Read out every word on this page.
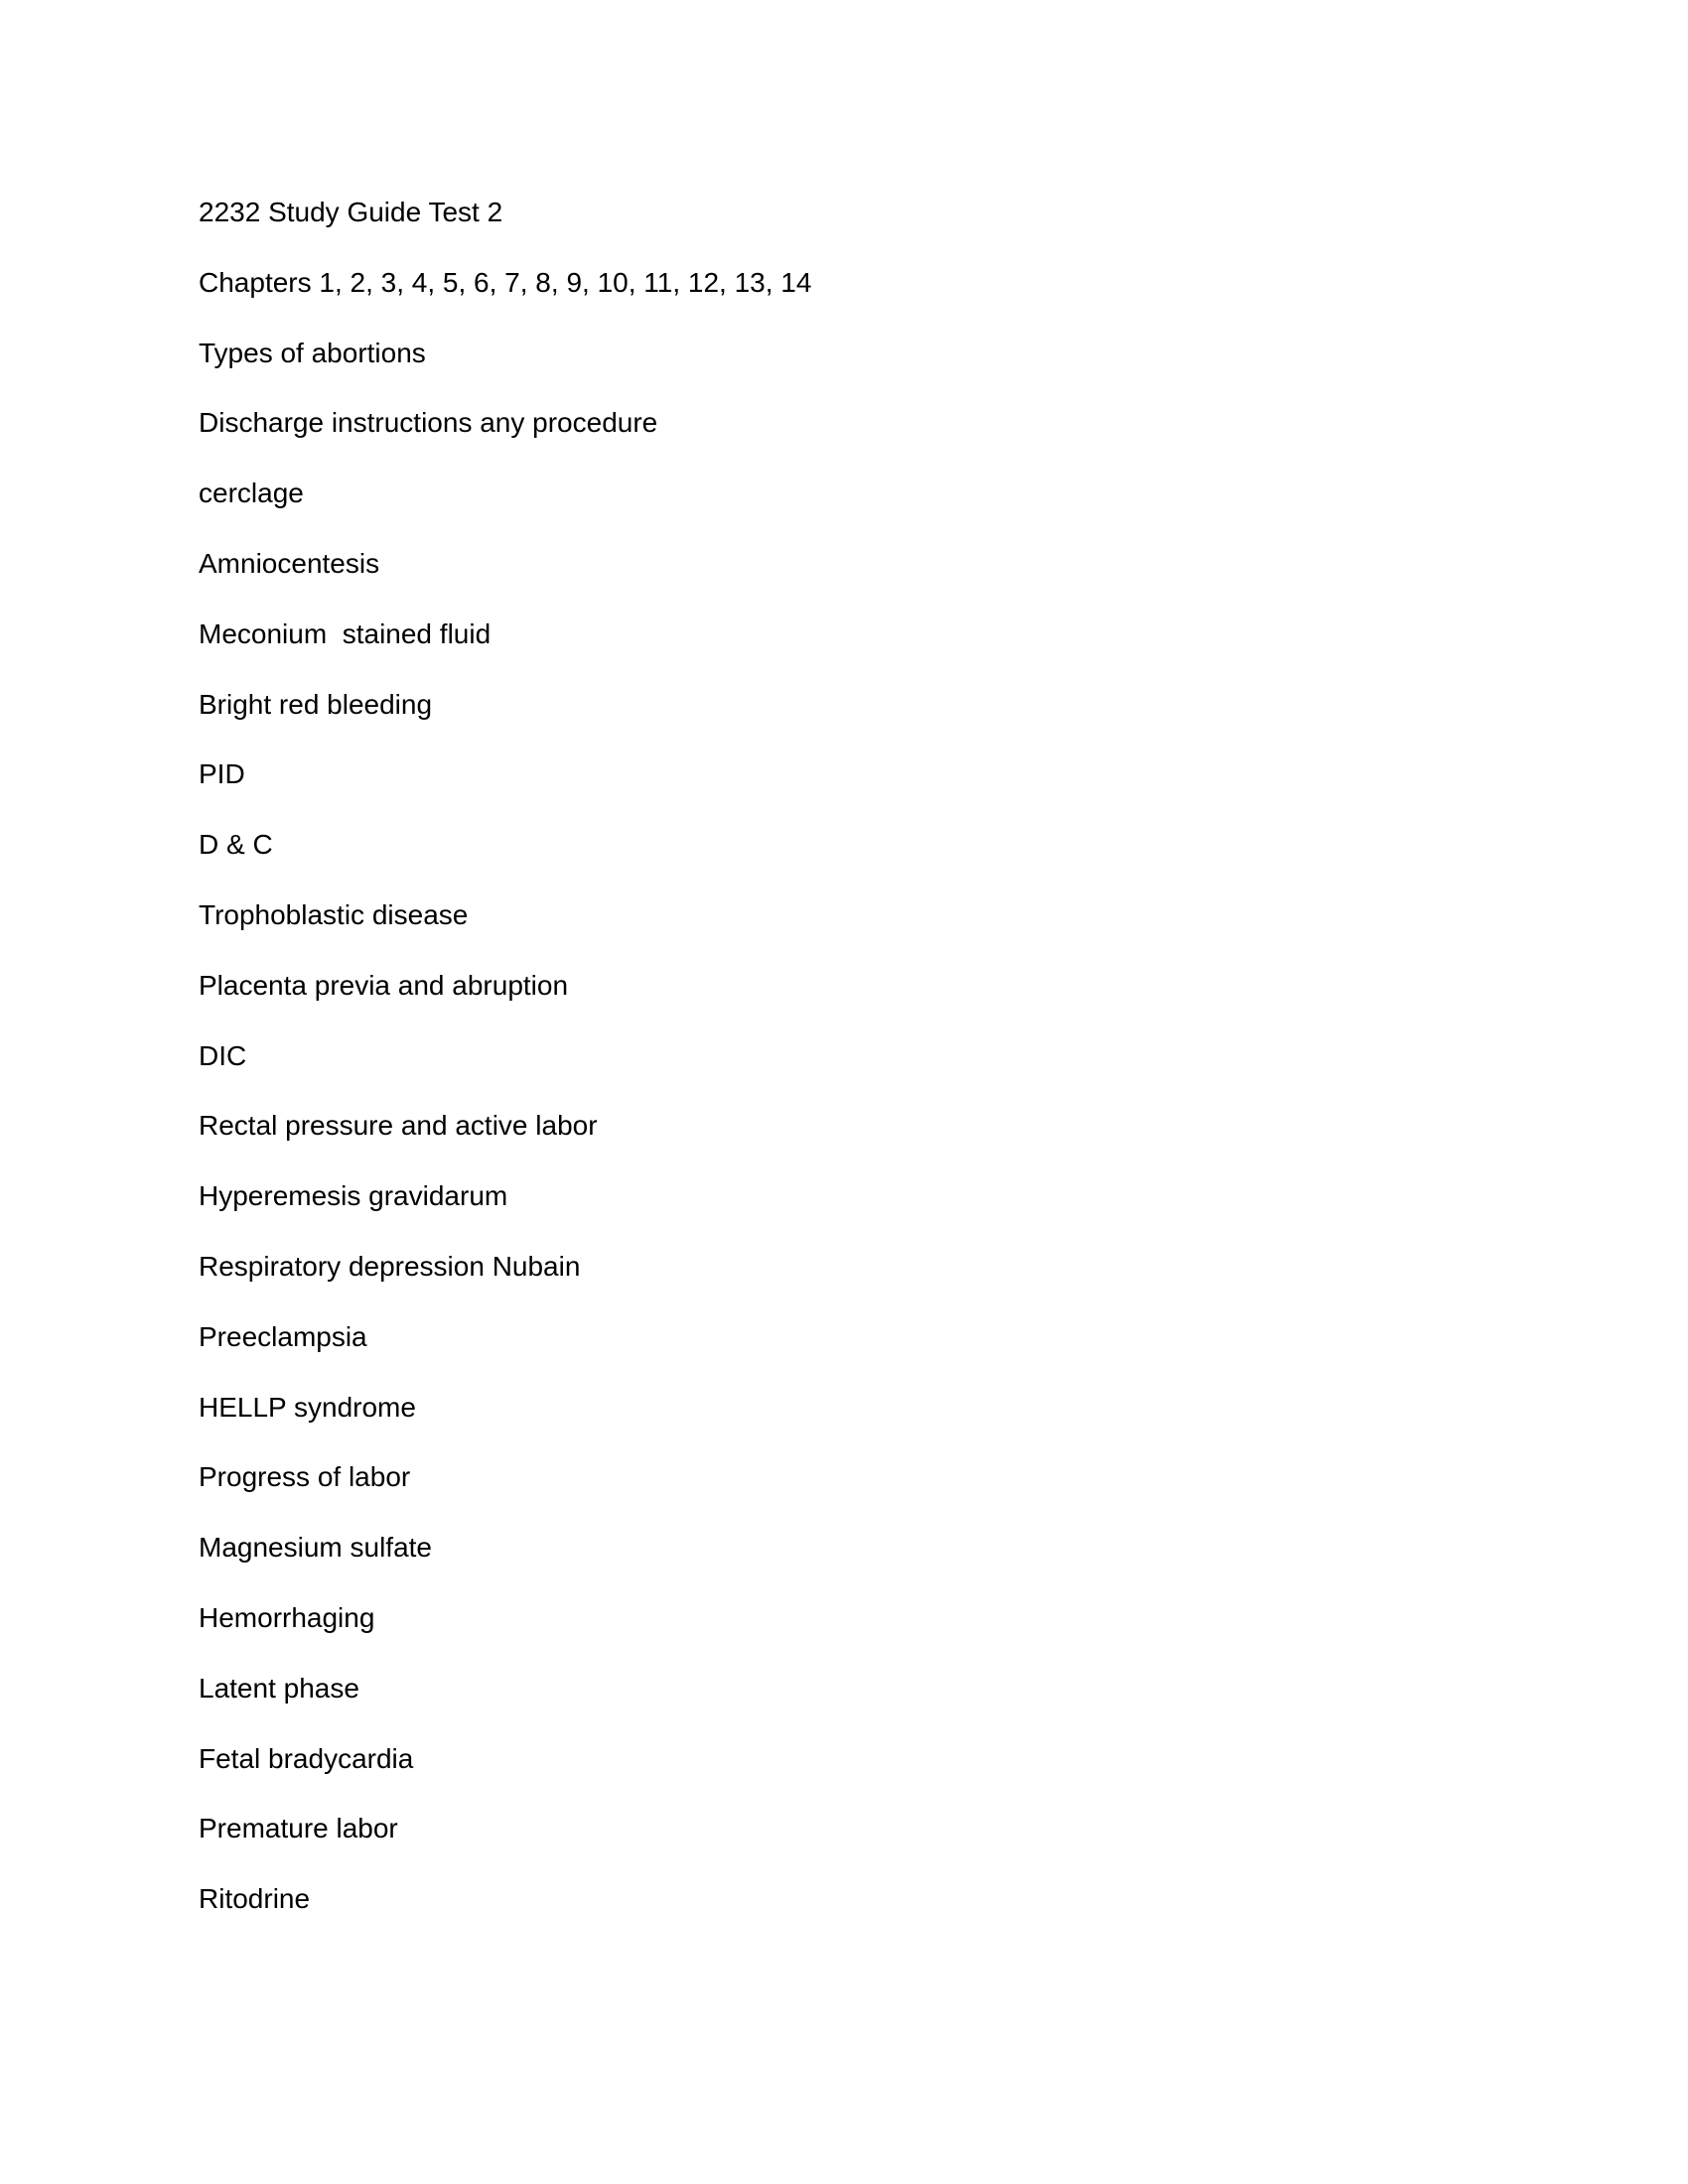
2232 Study Guide Test 2
Chapters 1, 2, 3, 4, 5, 6, 7, 8, 9, 10, 11, 12, 13, 14
Types of abortions
Discharge instructions any procedure
cerclage
Amniocentesis
Meconium  stained fluid
Bright red bleeding
PID
D & C
Trophoblastic disease
Placenta previa and abruption
DIC
Rectal pressure and active labor
Hyperemesis gravidarum
Respiratory depression Nubain
Preeclampsia
HELLP syndrome
Progress of labor
Magnesium sulfate
Hemorrhaging
Latent phase
Fetal bradycardia
Premature labor
Ritodrine
